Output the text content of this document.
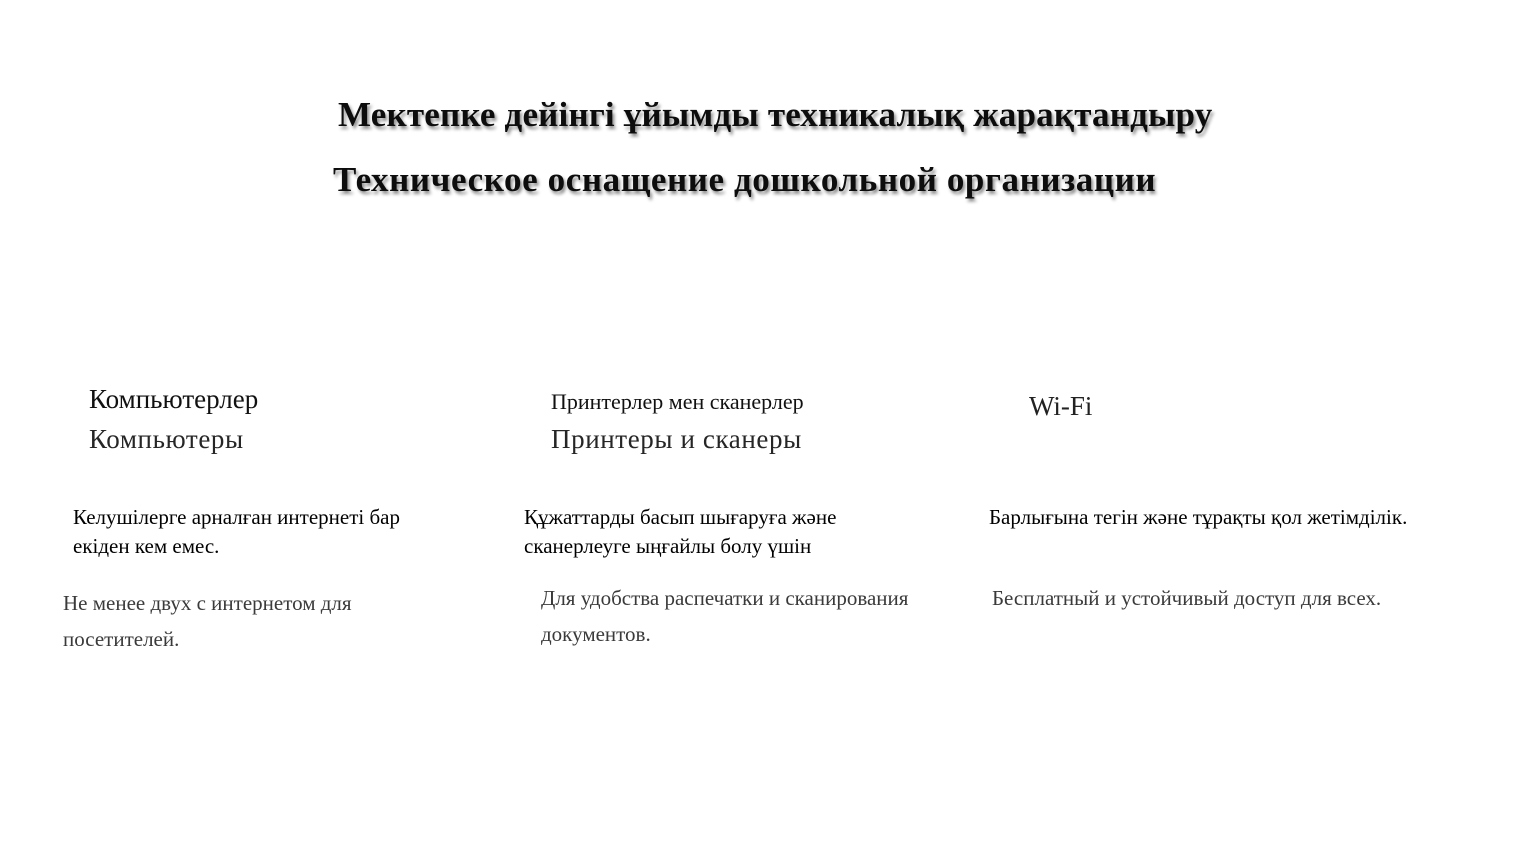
Мектепке дейінгі ұйымды техникалық жарақтандыру
Техническое оснащение дошкольной организации
Компьютерлер
Компьютеры

Келушілерге арналған интернеті бар екіден кем емес.

Не менее двух с интернетом для посетителей.

Принтерлер мен сканерлер
Принтеры и сканеры

Құжаттарды басып шығаруға және сканерлеуге ыңғайлы болу үшін

Для удобства распечатки и сканирования документов.

Wi-Fi

Барлығына тегін және тұрақты қол жетімділік.

Бесплатный и устойчивый доступ для всех.
